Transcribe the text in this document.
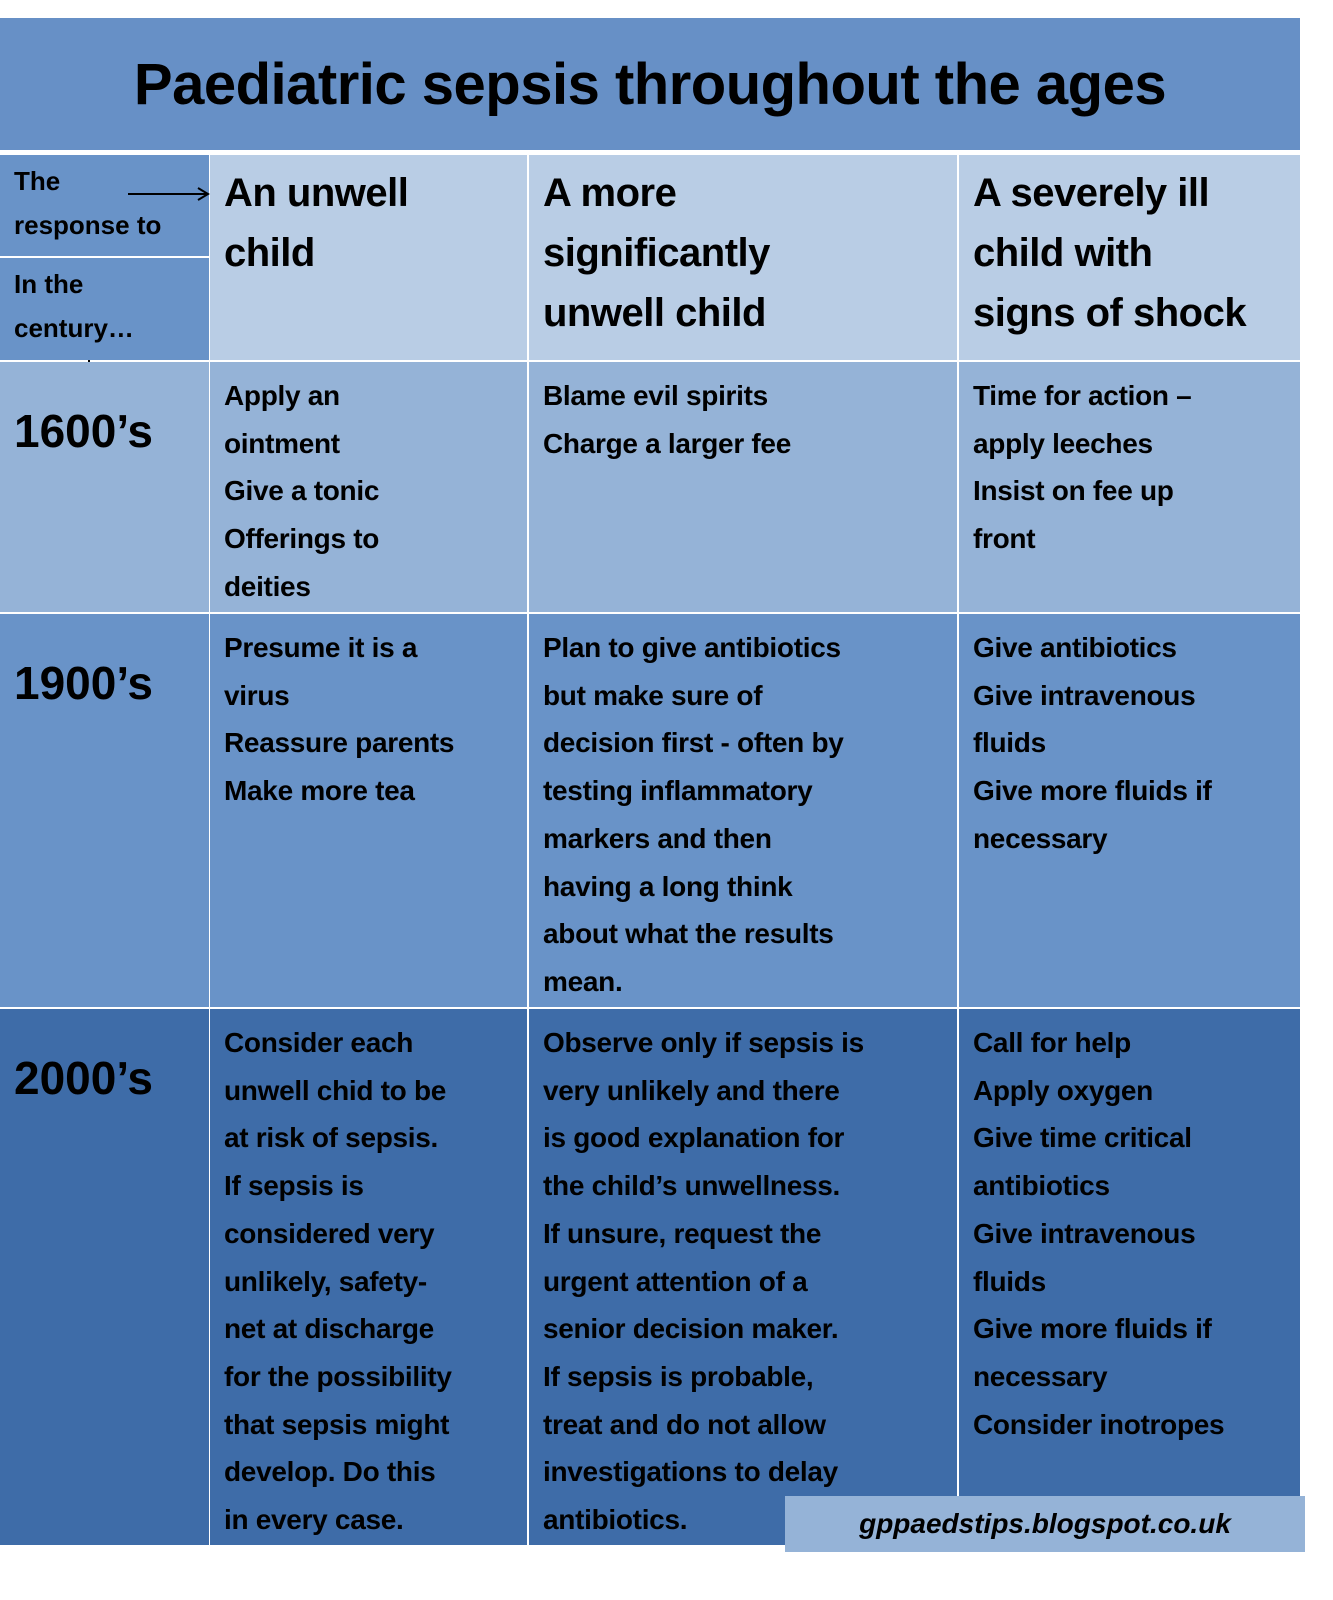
Paediatric sepsis throughout the ages
The
response to
In the
century…
An unwell
child
A more
significantly
unwell child
A severely ill
child with
signs of shock
1600’s
Apply an
ointment
Give a tonic
Offerings to
deities
Blame evil spirits
Charge a larger fee
Time for action –
apply leeches
Insist on fee up
front
1900’s
Presume it is a
virus
Reassure parents
Make more tea
Plan to give antibiotics
but make sure of
decision first - often by
testing inflammatory
markers and then
having a long think
about what the results
mean.
Give antibiotics
Give intravenous
fluids
Give more fluids if
necessary
2000’s
Consider each
unwell chid to be
at risk of sepsis.
If sepsis is
considered very
unlikely, safety-
net at discharge
for the possibility
that sepsis might
develop. Do this
in every case.
Observe only if sepsis is
very unlikely and there
is good explanation for
the child’s unwellness.
If unsure, request the
urgent attention of a
senior decision maker.
If sepsis is probable,
treat and do not allow
investigations to delay
antibiotics.
Call for help
Apply oxygen
Give time critical
antibiotics
Give intravenous
fluids
Give more fluids if
necessary
Consider inotropes
gppaedstips.blogspot.co.uk
